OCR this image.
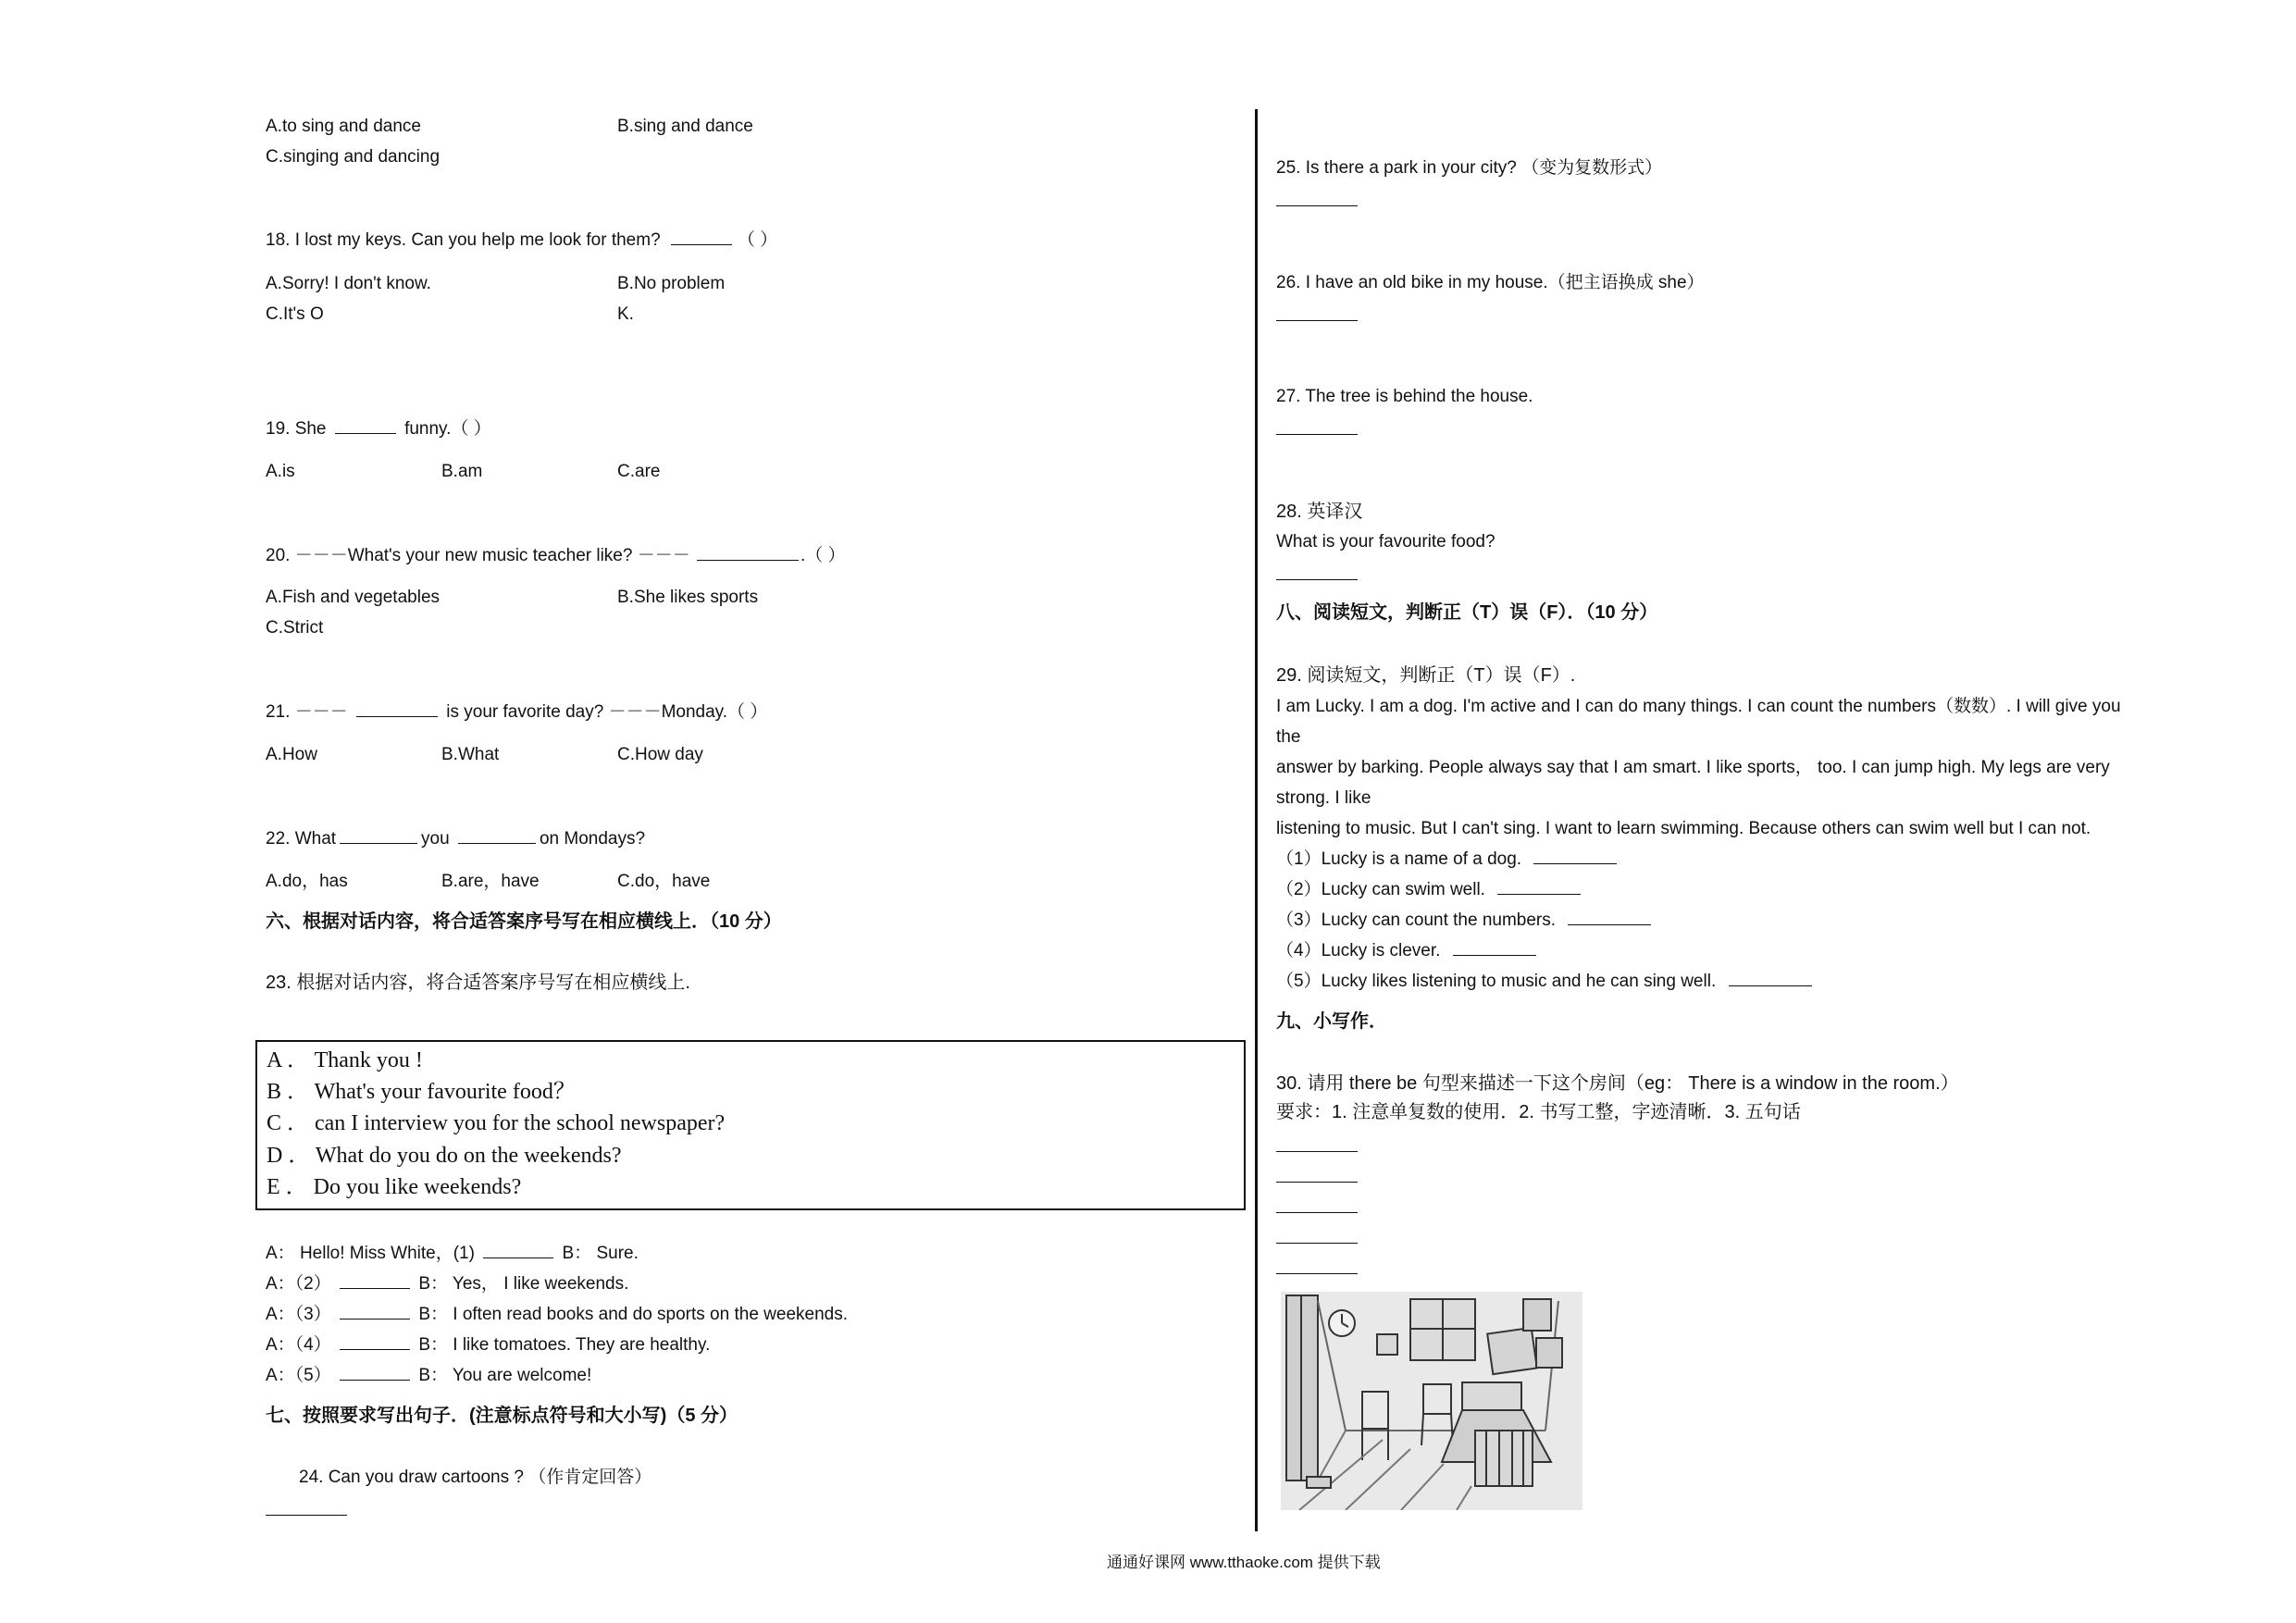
A.to sing and dance	B.sing and dance
C.singing and dancing
18. I lost my keys. Can you help me look for them?	（ ）
A.Sorry! I don't know.	B.No problem
C.It's O	K.
19. She	funny.（ ）
A.is	B.am	C.are
20. －－－What's your new music teacher like? －－－	.（ ）
A.Fish and vegetables	B.She likes sports
C.Strict
21. －－－	is your favorite day? －－－Monday.（ ）
A.How	B.What	C.How day
22. What	you	on Mondays?
A.do，has	B.are，have	C.do，have
六、根据对话内容，将合适答案序号写在相应横线上．（10 分）
23. 根据对话内容，将合适答案序号写在相应横线上.
A ． Thank you !
B ． What's your favourite food？
C ． can I interview you for the school newspaper?
D ． What do you do on the weekends?
E ． Do you like weekends?
A： Hello! Miss White，(1)	B： Sure.
A：（2）	B： Yes， I like weekends.
A：（3）	B： I often read books and do sports on the weekends.
A：（4）	B： I like tomatoes. They are healthy.
A：（5）	B： You are welcome!
七、按照要求写出句子．(注意标点符号和大小写)（5 分）
24. Can you draw cartoons ? （作肯定回答）
25. Is there a park in your city? （变为复数形式）
26. I have an old bike in my house.（把主语换成 she）
27. The tree is behind the house.
28. 英译汉
What is your favourite food?
八、阅读短文，判断正（T）误（F）．（10 分）
29. 阅读短文，判断正（T）误（F）.
I am Lucky. I am a dog. I'm active and I can do many things. I can count the numbers（数数）. I will give you
the
answer by barking. People always say that I am smart. I like sports， too. I can jump high. My legs are very
strong. I like
listening to music. But I can't sing. I want to learn swimming. Because others can swim well but I can not.
（1）Lucky is a name of a dog.
（2）Lucky can swim well.
（3）Lucky can count the numbers.
（4）Lucky is clever.
（5）Lucky likes listening to music and he can sing well.
九、小写作．
30. 请用 there be 句型来描述一下这个房间（eg： There is a window in the room.）
要求：1. 注意单复数的使用．2. 书写工整，字迹清晰．3. 五句话
通通好课网 www.tthaoke.com 提供下载
